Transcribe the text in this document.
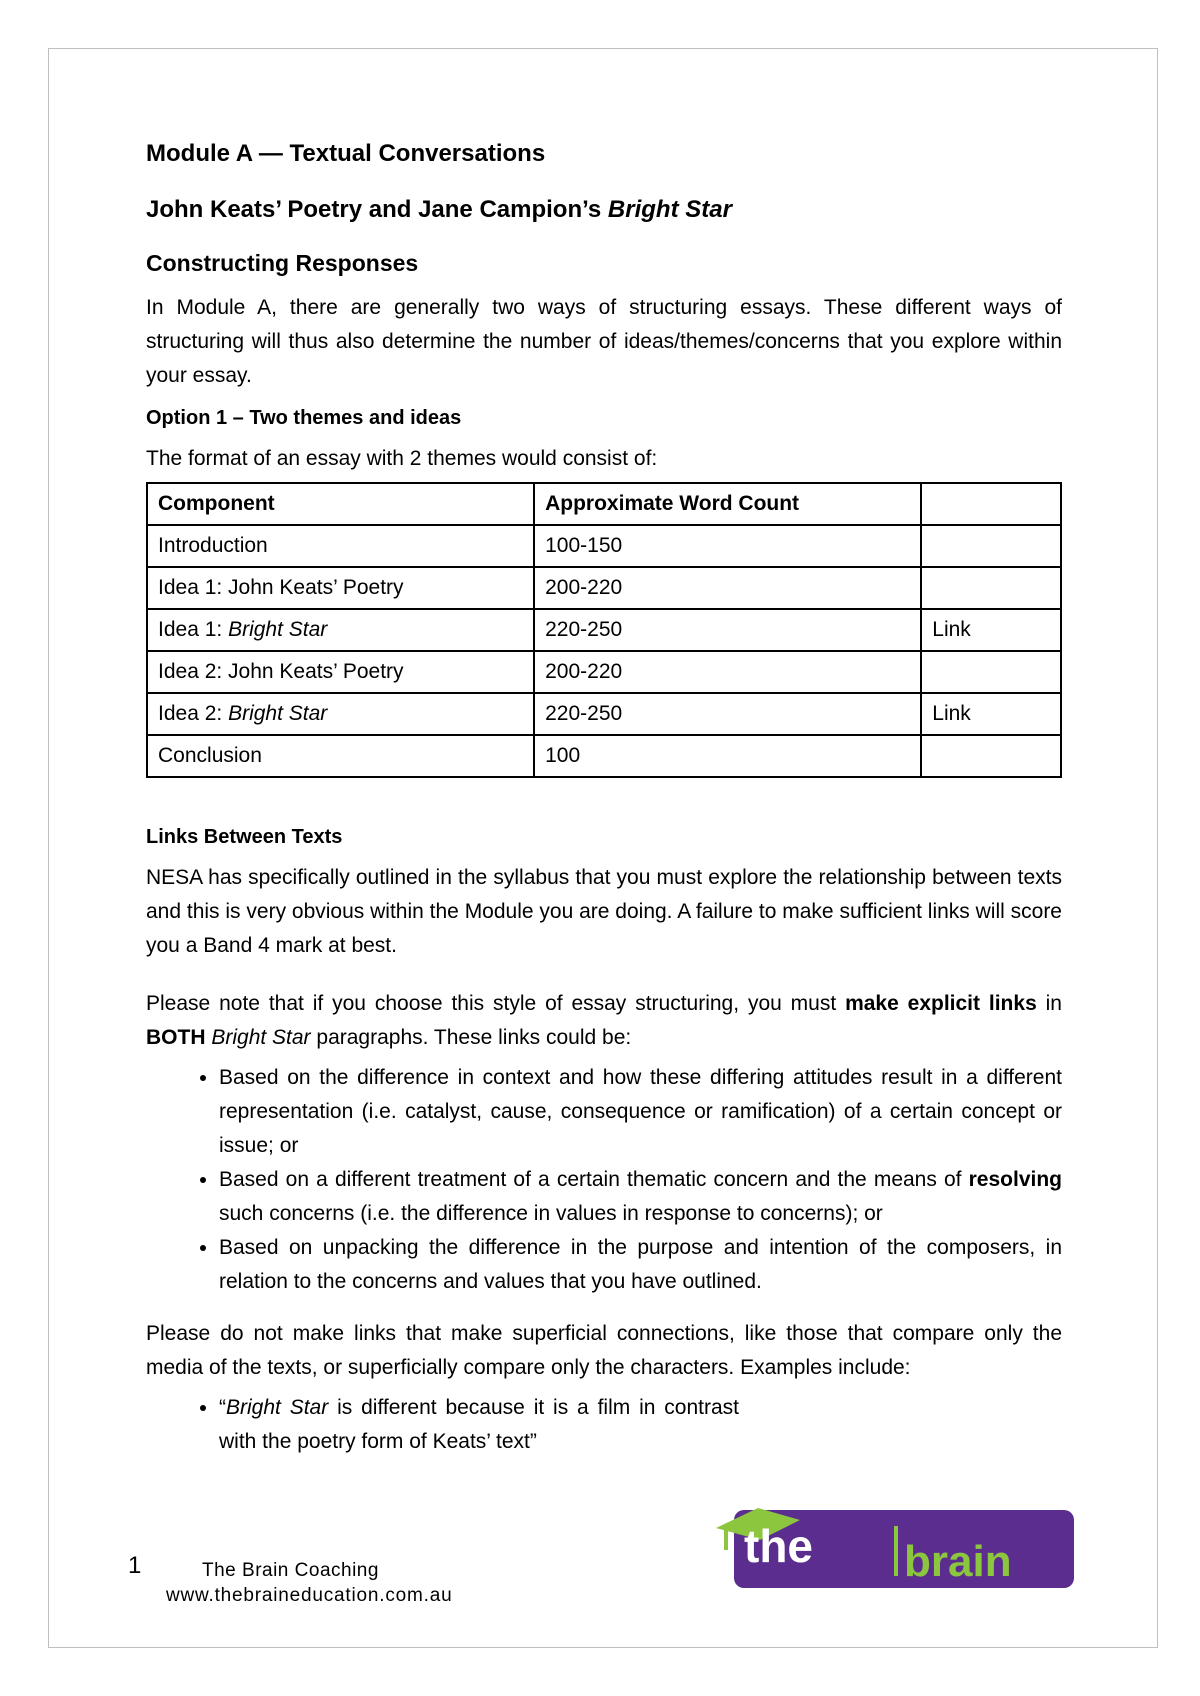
Module A — Textual Conversations
John Keats’ Poetry and Jane Campion’s Bright Star
Constructing Responses

In Module A, there are generally two ways of structuring essays. These different ways of structuring will thus also determine the number of ideas/themes/concerns that you explore within your essay.

Option 1 – Two themes and ideas

The format of an essay with 2 themes would consist of:

Component	Approximate Word Count	
Introduction	100-150	
Idea 1: John Keats’ Poetry	200-220	
Idea 1: Bright Star	220-250	Link
Idea 2: John Keats’ Poetry	200-220	
Idea 2: Bright Star	220-250	Link
Conclusion	100	
Links Between Texts

NESA has specifically outlined in the syllabus that you must explore the relationship between texts and this is very obvious within the Module you are doing. A failure to make sufficient links will score you a Band 4 mark at best.

Please note that if you choose this style of essay structuring, you must make explicit links in BOTH Bright Star paragraphs. These links could be:

• Based on the difference in context and how these differing attitudes result in a different representation (i.e. catalyst, cause, consequence or ramification) of a certain concept or issue; or
• Based on a different treatment of a certain thematic concern and the means of resolving such concerns (i.e. the difference in values in response to concerns); or
• Based on unpacking the difference in the purpose and intention of the composers, in relation to the concerns and values that you have outlined.

Please do not make links that make superficial connections, like those that compare only the media of the texts, or superficially compare only the characters. Examples include:

• “Bright Star is different because it is a film in contrast with the poetry form of Keats’ text”
1	The Brain Coaching
www.thebraineducation.com.au
the brain
